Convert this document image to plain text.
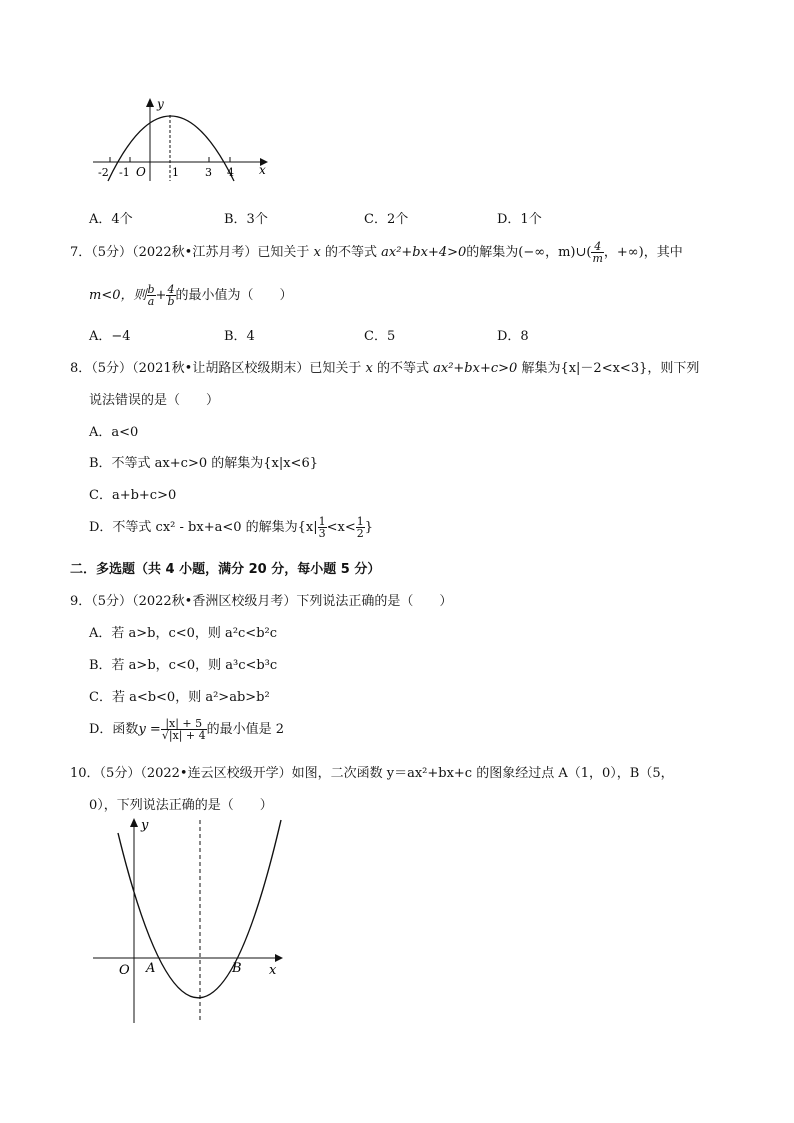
y
x
-2 -1 O 1 3 4
A．4个	B．3个	C．2个	D．1个
7．（5分）（2022秋•江苏月考）已知关于 x 的不等式 ax²+bx+4>0的解集为(−∞，m)∪( $\frac{4}{m}$ ，+∞)，其中
m<0，则 $\frac{b}{a} + \frac{4}{b}$ 的最小值为（　　）
A．−4	B．4	C．5	D．8
8．（5分）（2021秋•让胡路区校级期末）已知关于 x 的不等式 ax²+bx+c>0 解集为{x|－2<x<3}，则下列
说法错误的是（　　）
A．a<0
B．不等式 ax+c>0 的解集为{x|x<6}
C．a+b+c>0
D．不等式 cx² - bx+a<0 的解集为{$x| \frac{1}{3} <x< \frac{1}{2}$ }
二．多选题（共 4 小题，满分 20 分，每小题 5 分）
9．（5分）（2022秋•香洲区校级月考）下列说法正确的是（　　）
A．若 a>b，c<0，则 a²c<b²c
B．若 a>b，c<0，则 a³c<b³c
C．若 a<b<0，则 a²>ab>b²
D．函数$y = \frac{|x| + 5}{√|x| + 4}$ 的最小值是 2
10．（5分）（2022•连云区校级开学）如图，二次函数 y＝ax²+bx+c 的图象经过点 A（1，0），B（5，
0），下列说法正确的是（　　）
y
x
O A	B
